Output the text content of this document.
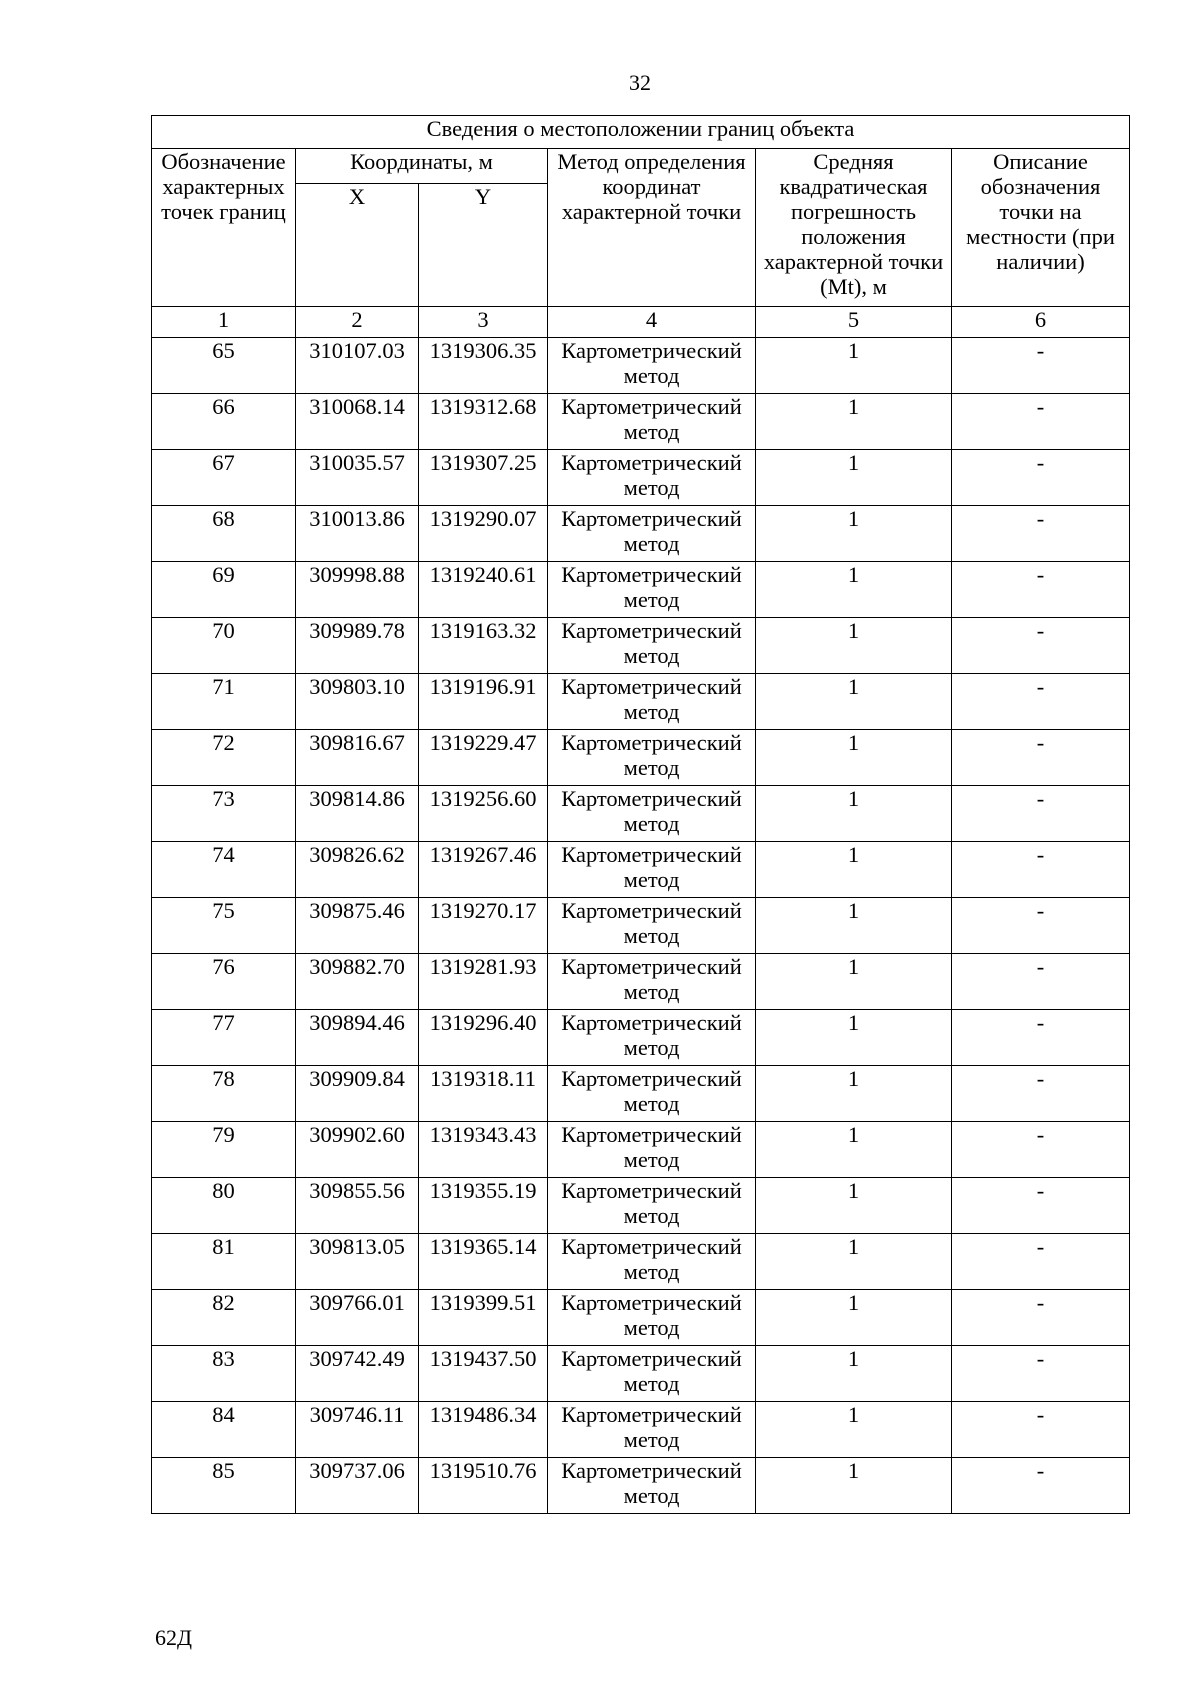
32
Сведения о местоположении границ объекта					
Обозначение характерных точек границ	Координаты, м		Метод определения координат характерной точки	Средняя квадратическая погрешность положения характерной точки (Mt), м	Описание обозначения точки на местности (при наличии)
	X	Y			
1	2	3	4	5	6
65	310107.03	1319306.35	Картометрический метод	1	-
66	310068.14	1319312.68	Картометрический метод	1	-
67	310035.57	1319307.25	Картометрический метод	1	-
68	310013.86	1319290.07	Картометрический метод	1	-
69	309998.88	1319240.61	Картометрический метод	1	-
70	309989.78	1319163.32	Картометрический метод	1	-
71	309803.10	1319196.91	Картометрический метод	1	-
72	309816.67	1319229.47	Картометрический метод	1	-
73	309814.86	1319256.60	Картометрический метод	1	-
74	309826.62	1319267.46	Картометрический метод	1	-
75	309875.46	1319270.17	Картометрический метод	1	-
76	309882.70	1319281.93	Картометрический метод	1	-
77	309894.46	1319296.40	Картометрический метод	1	-
78	309909.84	1319318.11	Картометрический метод	1	-
79	309902.60	1319343.43	Картометрический метод	1	-
80	309855.56	1319355.19	Картометрический метод	1	-
81	309813.05	1319365.14	Картометрический метод	1	-
82	309766.01	1319399.51	Картометрический метод	1	-
83	309742.49	1319437.50	Картометрический метод	1	-
84	309746.11	1319486.34	Картометрический метод	1	-
85	309737.06	1319510.76	Картометрический метод	1	-
62Д
